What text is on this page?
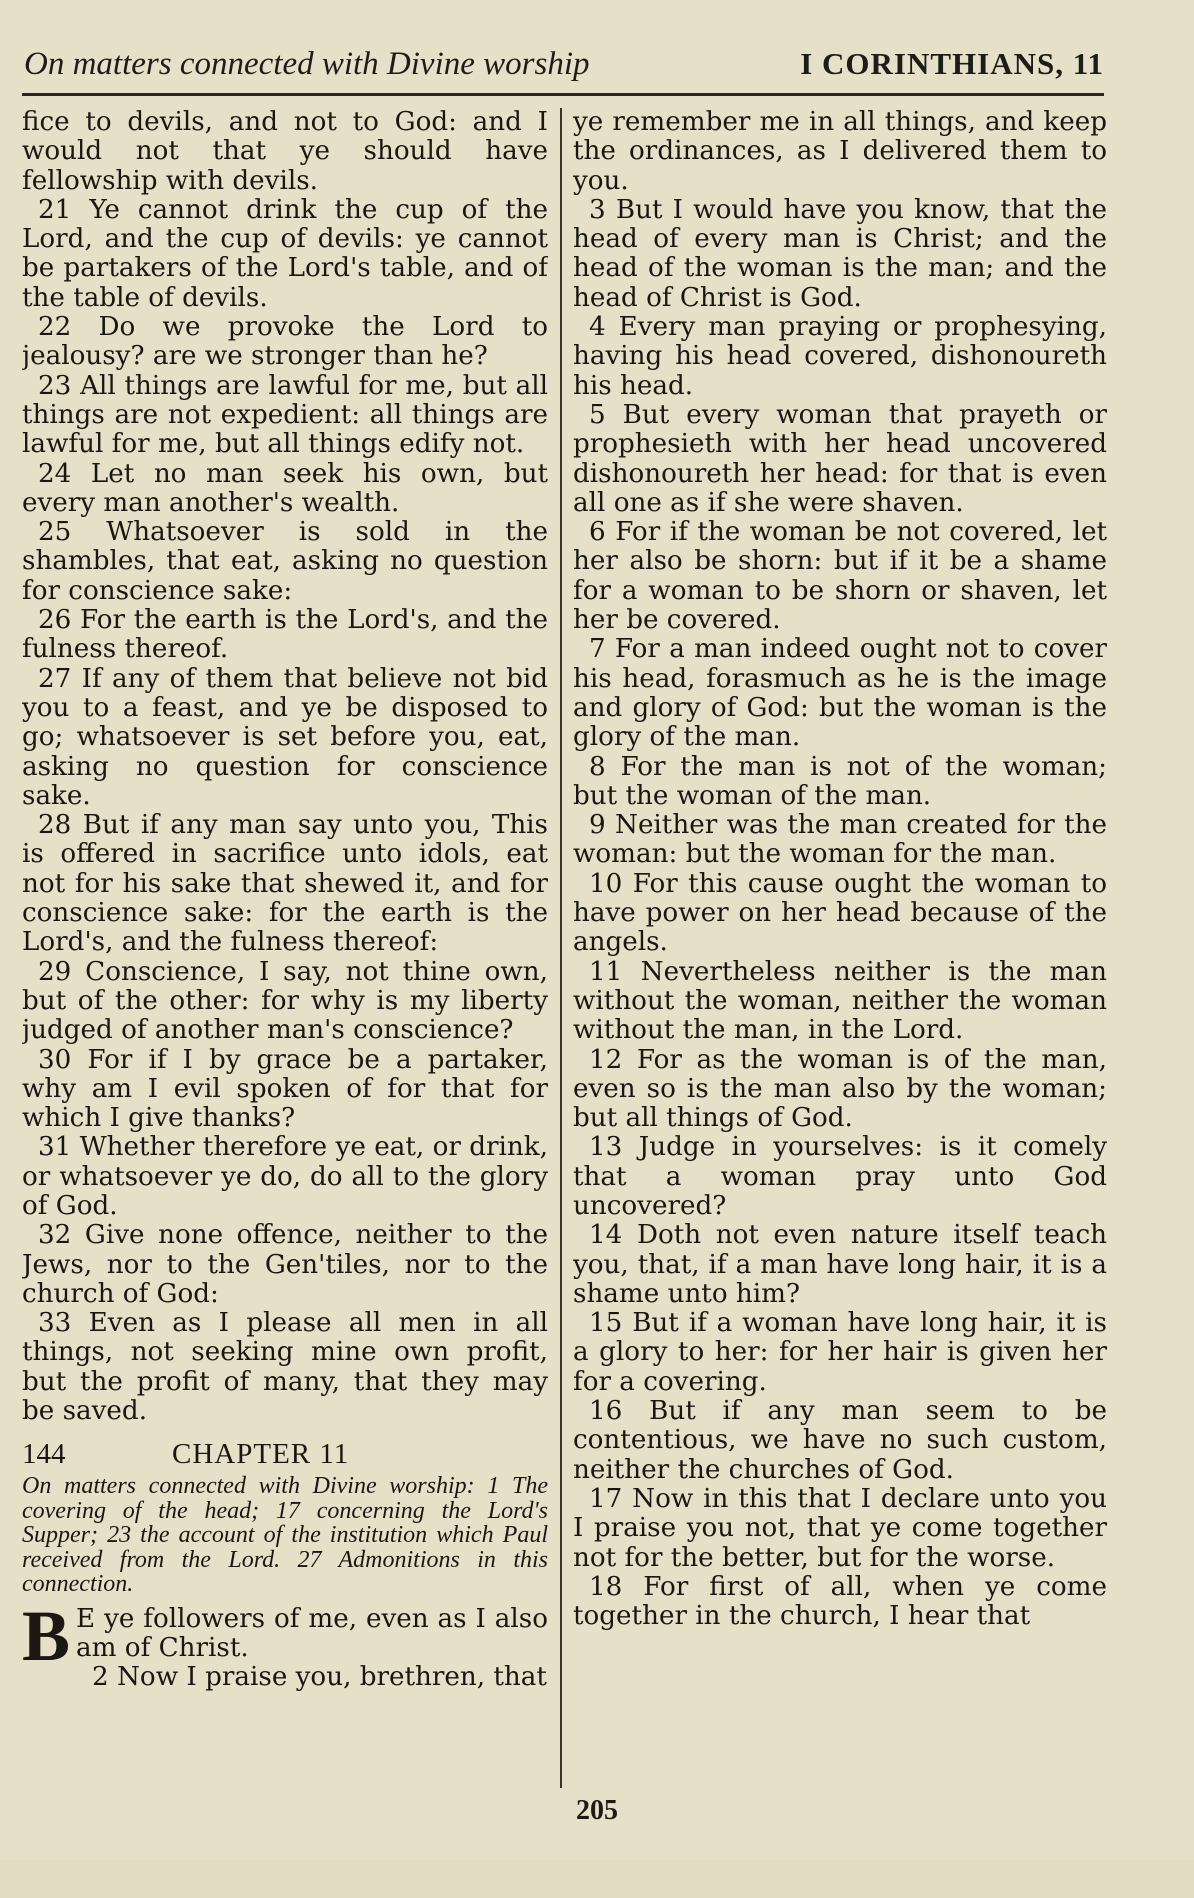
On matters connected with Divine worship	I CORINTHIANS, 11

fice to devils, and not to God: and I would not that ye should have fellowship with devils.

21 Ye cannot drink the cup of the Lord, and the cup of devils: ye cannot be partakers of the Lord's table, and of the table of devils.

22 Do we provoke the Lord to jealousy? are we stronger than he?

23 All things are lawful for me, but all things are not expedient: all things are lawful for me, but all things edify not.

24 Let no man seek his own, but every man another's wealth.

25 Whatsoever is sold in the shambles, that eat, asking no question for conscience sake:

26 For the earth is the Lord's, and the fulness thereof.

27 If any of them that believe not bid you to a feast, and ye be disposed to go; whatsoever is set before you, eat, asking no question for conscience sake.

28 But if any man say unto you, This is offered in sacrifice unto idols, eat not for his sake that shewed it, and for conscience sake: for the earth is the Lord's, and the fulness thereof:

29 Conscience, I say, not thine own, but of the other: for why is my liberty judged of another man's conscience?

30 For if I by grace be a partaker, why am I evil spoken of for that for which I give thanks?

31 Whether therefore ye eat, or drink, or whatsoever ye do, do all to the glory of God.

32 Give none offence, neither to the Jews, nor to the Gen'tiles, nor to the church of God:

33 Even as I please all men in all things, not seeking mine own profit, but the profit of many, that they may be saved.

144	CHAPTER 11

On matters connected with Divine worship: 1 The covering of the head; 17 concerning the Lord's Supper; 23 the account of the institution which Paul received from the Lord. 27 Admonitions in this connection.

B E ye followers of me, even as I also am of Christ.

2 Now I praise you, brethren, that

ye remember me in all things, and keep the ordinances, as I delivered them to you.

3 But I would have you know, that the head of every man is Christ; and the head of the woman is the man; and the head of Christ is God.

4 Every man praying or prophesying, having his head covered, dishonoureth his head.

5 But every woman that prayeth or prophesieth with her head uncovered dishonoureth her head: for that is even all one as if she were shaven.

6 For if the woman be not covered, let her also be shorn: but if it be a shame for a woman to be shorn or shaven, let her be covered.

7 For a man indeed ought not to cover his head, forasmuch as he is the image and glory of God: but the woman is the glory of the man.

8 For the man is not of the woman; but the woman of the man.

9 Neither was the man created for the woman: but the woman for the man.

10 For this cause ought the woman to have power on her head because of the angels.

11 Nevertheless neither is the man without the woman, neither the woman without the man, in the Lord.

12 For as the woman is of the man, even so is the man also by the woman; but all things of God.

13 Judge in yourselves: is it comely that a woman pray unto God uncovered?

14 Doth not even nature itself teach you, that, if a man have long hair, it is a shame unto him?

15 But if a woman have long hair, it is a glory to her: for her hair is given her for a covering.

16 But if any man seem to be contentious, we have no such custom, neither the churches of God.

17 Now in this that I declare unto you I praise you not, that ye come together not for the better, but for the worse.

18 For first of all, when ye come together in the church, I hear that

205
